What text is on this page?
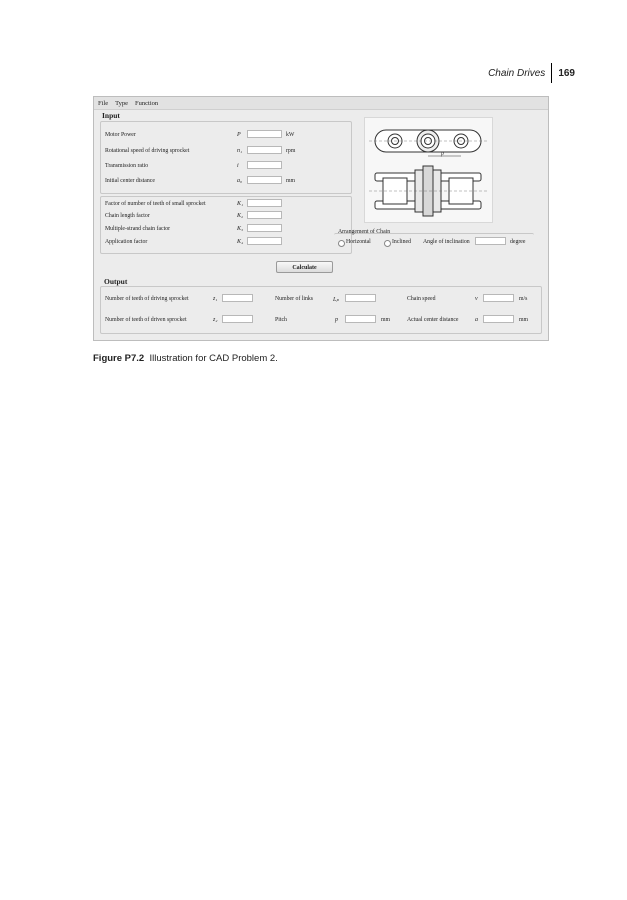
Chain Drives 169
File Type Function
Input
Motor Power	P	kW
Rotational speed of driving sprocket	n₁	rpm
Transmission ratio	i
Initial center distance	a₀	mm
Factor of number of teeth of small sprocket	K₁
Chain length factor	K₂
Multiple-strand chain factor	K₃
Application factor	K₄
p
Arrangement of Chain
Horizontal	Inclined Angle of inclination	degree
Calculate
Output
Number of teeth of driving sprocket	z₁	Number of links	Lₚ	Chain speed	v	m/s
Number of teeth of driven sprocket	z₂	Pitch	p	mm	Actual center distance	a	mm
Figure P7.2 Illustration for CAD Problem 2.
